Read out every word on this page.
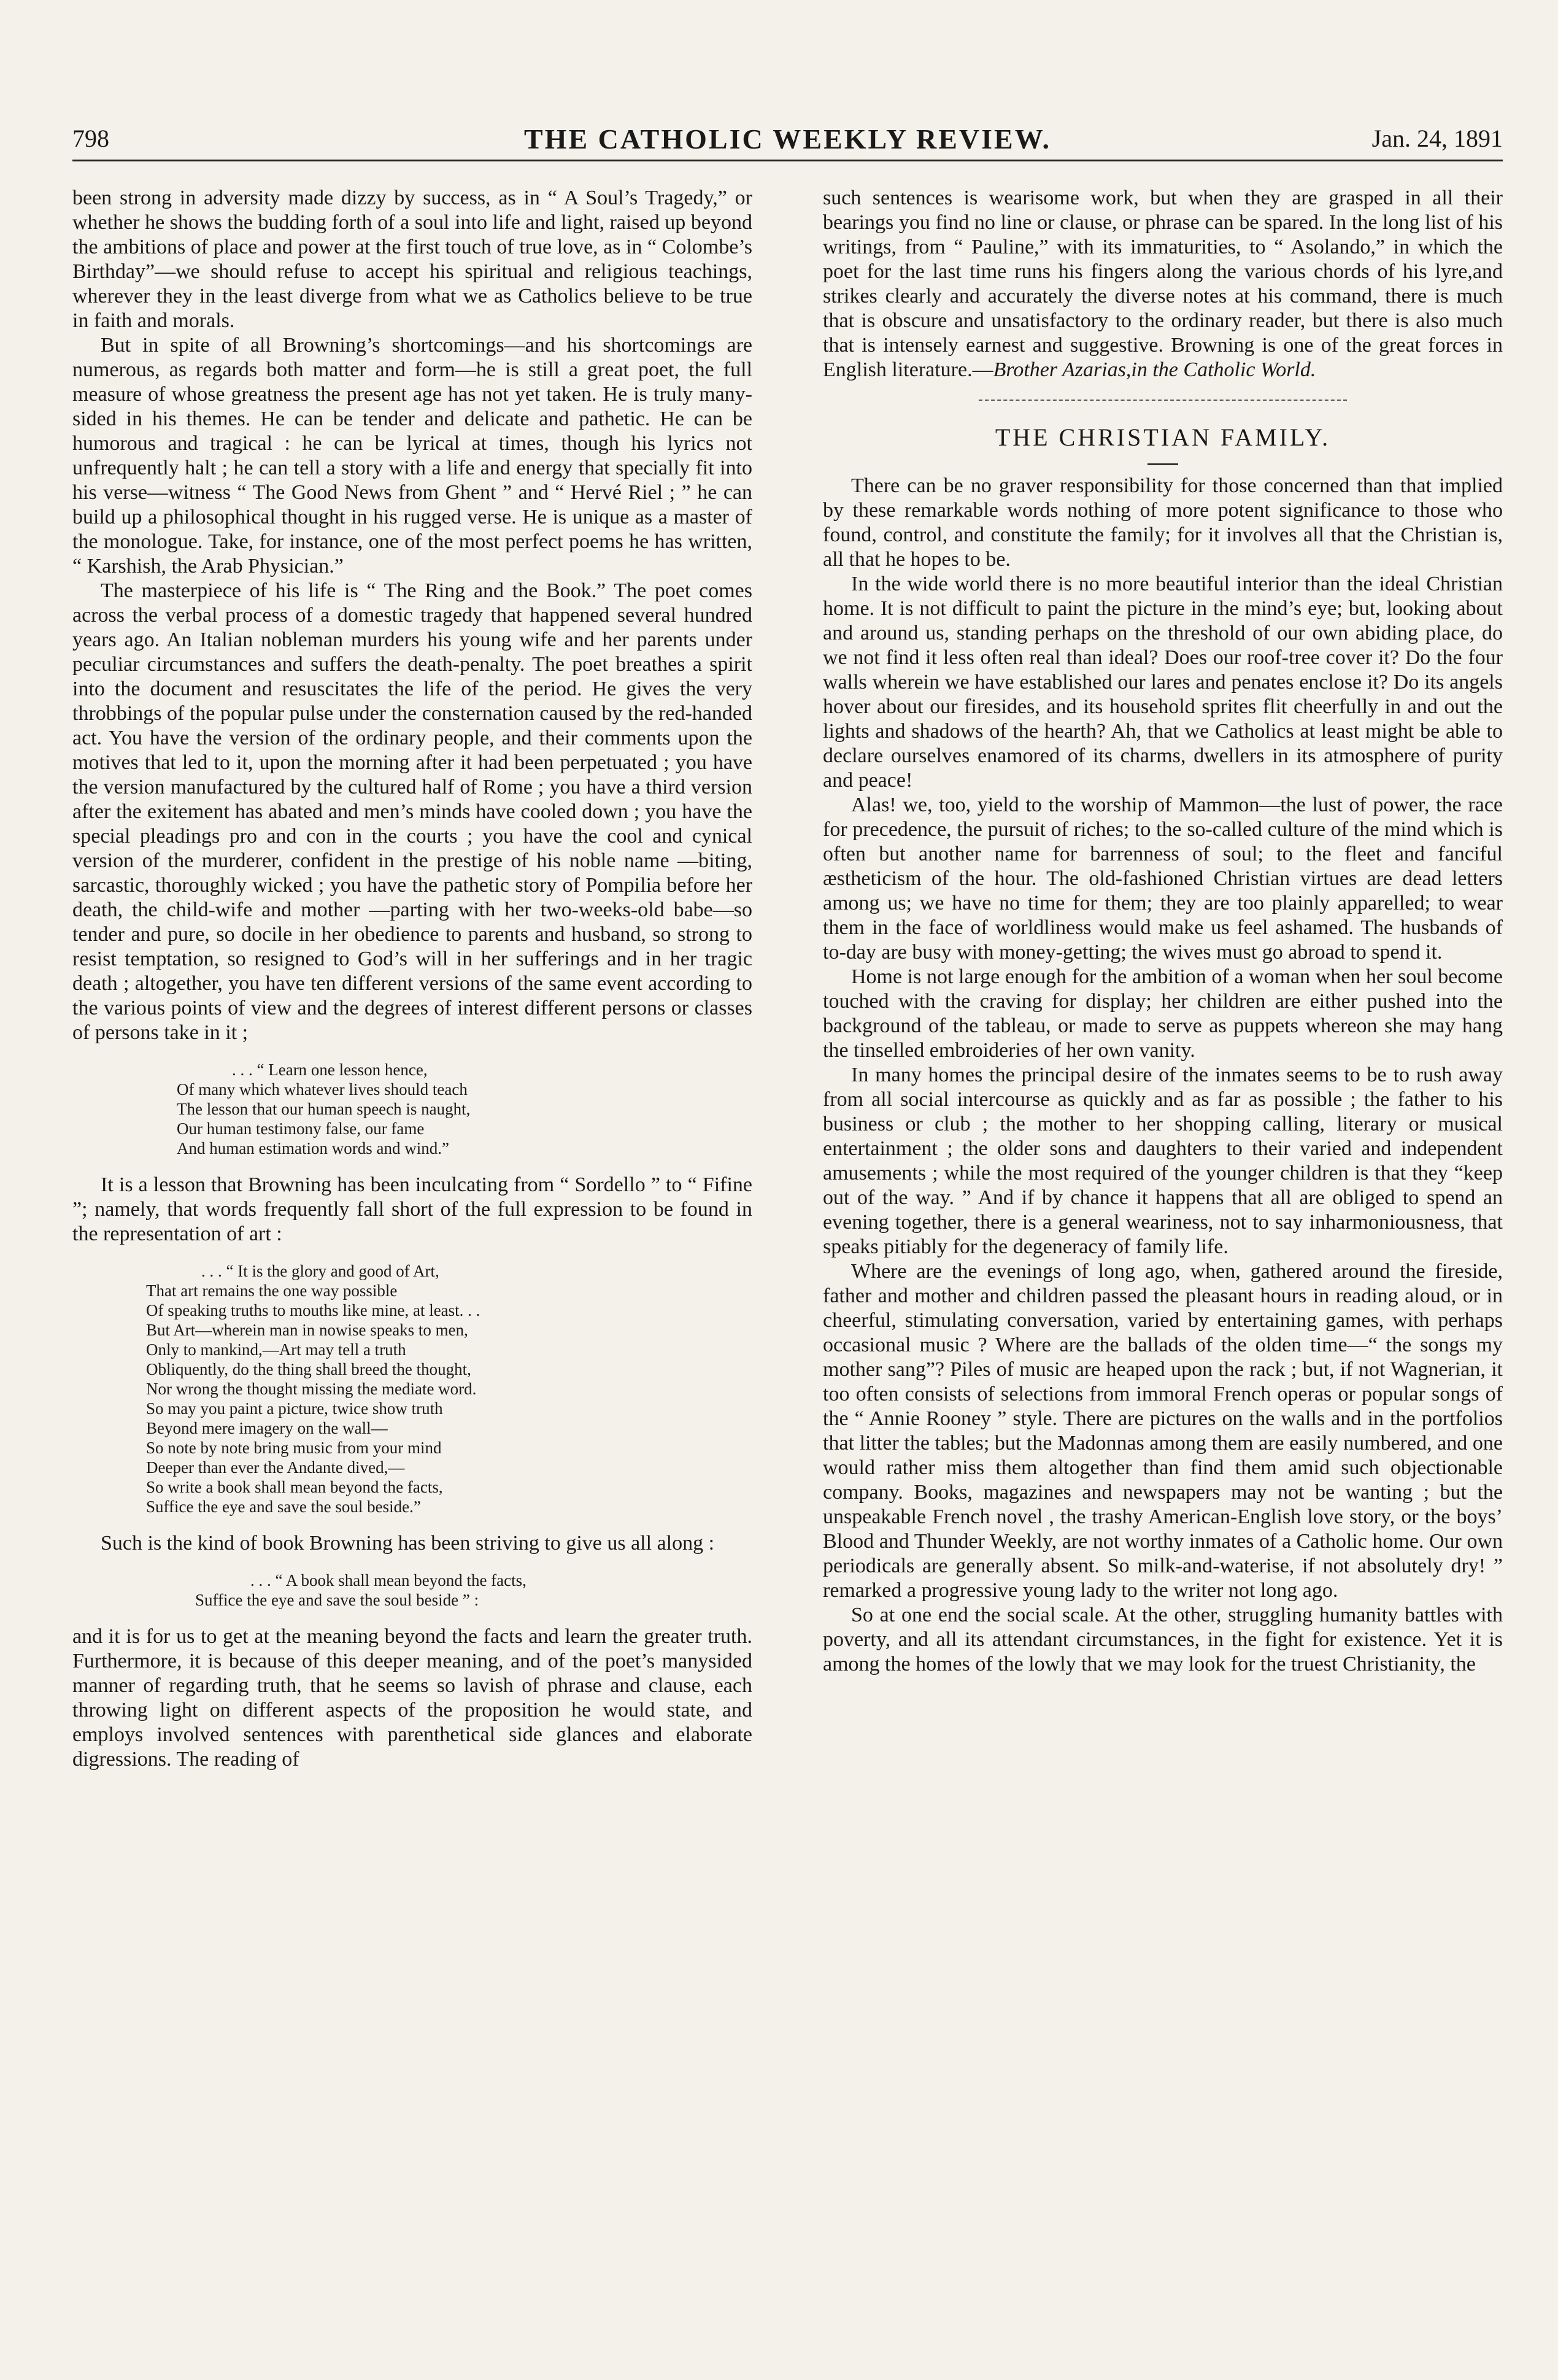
798	THE CATHOLIC WEEKLY REVIEW.	Jan. 24, 1891

been strong in adversity made dizzy by success, as in “ A Soul’s Tragedy,” or whether he shows the budding forth of a soul into life and light, raised up beyond the ambitions of place and power at the first touch of true love, as in “ Colombe’s Birthday”—we should refuse to accept his spiritual and religious teachings, wherever they in the least diverge from what we as Catholics believe to be true in faith and morals.

But in spite of all Browning’s shortcomings—and his shortcomings are numerous, as regards both matter and form—he is still a great poet, the full measure of whose greatness the present age has not yet taken. He is truly many-sided in his themes. He can be tender and delicate and pathetic. He can be humorous and tragical : he can be lyrical at times, though his lyrics not unfrequently halt ; he can tell a story with a life and energy that specially fit into his verse—witness “ The Good News from Ghent ” and “ Hervé Riel ; ” he can build up a philosophical thought in his rugged verse. He is unique as a master of the monologue. Take, for instance, one of the most perfect poems he has written, “ Karshish, the Arab Physician.”

The masterpiece of his life is “ The Ring and the Book.” The poet comes across the verbal process of a domestic tragedy that happened several hundred years ago. An Italian nobleman murders his young wife and her parents under peculiar circumstances and suffers the death-penalty. The poet breathes a spirit into the document and resuscitates the life of the period. He gives the very throbbings of the popular pulse under the consternation caused by the red-handed act. You have the version of the ordinary people, and their comments upon the motives that led to it, upon the morning after it had been perpetuated ; you have the version manufactured by the cultured half of Rome ; you have a third version after the exitement has abated and men’s minds have cooled down ; you have the special pleadings pro and con in the courts ; you have the cool and cynical version of the murderer, confident in the prestige of his noble name —biting, sarcastic, thoroughly wicked ; you have the pathetic story of Pompilia before her death, the child-wife and mother —parting with her two-weeks-old babe—so tender and pure, so docile in her obedience to parents and husband, so strong to resist temptation, so resigned to God’s will in her sufferings and in her tragic death ; altogether, you have ten different versions of the same event according to the various points of view and the degrees of interest different persons or classes of persons take in it ;

. . . “ Learn one lesson hence,
Of many which whatever lives should teach
The lesson that our human speech is naught,
Our human testimony false, our fame
And human estimation words and wind.”

It is a lesson that Browning has been inculcating from “ Sordello ” to “ Fifine ”; namely, that words frequently fall short of the full expression to be found in the representation of art :

. . . “ It is the glory and good of Art,
That art remains the one way possible
Of speaking truths to mouths like mine, at least. . .
But Art—wherein man in nowise speaks to men,
Only to mankind,—Art may tell a truth
Obliquently, do the thing shall breed the thought,
Nor wrong the thought missing the mediate word.
So may you paint a picture, twice show truth
Beyond mere imagery on the wall—
So note by note bring music from your mind
Deeper than ever the Andante dived,—
So write a book shall mean beyond the facts,
Suffice the eye and save the soul beside.”

Such is the kind of book Browning has been striving to give us all along :

. . . “ A book shall mean beyond the facts,
Suffice the eye and save the soul beside ” :

and it is for us to get at the meaning beyond the facts and learn the greater truth. Furthermore, it is because of this deeper meaning, and of the poet’s manysided manner of regarding truth, that he seems so lavish of phrase and clause, each throwing light on different aspects of the proposition he would state, and employs involved sentences with parenthetical side glances and elaborate digressions. The reading of

such sentences is wearisome work, but when they are grasped in all their bearings you find no line or clause, or phrase can be spared. In the long list of his writings, from “ Pauline,” with its immaturities, to “ Asolando,” in which the poet for the last time runs his fingers along the various chords of his lyre,and strikes clearly and accurately the diverse notes at his command, there is much that is obscure and unsatisfactory to the ordinary reader, but there is also much that is intensely earnest and suggestive. Browning is one of the great forces in English literature.—Brother Azarias,in the Catholic World.

THE CHRISTIAN FAMILY.

There can be no graver responsibility for those concerned than that implied by these remarkable words nothing of more potent significance to those who found, control, and constitute the family; for it involves all that the Christian is, all that he hopes to be.

In the wide world there is no more beautiful interior than the ideal Christian home. It is not difficult to paint the picture in the mind’s eye; but, looking about and around us, standing perhaps on the threshold of our own abiding place, do we not find it less often real than ideal? Does our roof-tree cover it? Do the four walls wherein we have established our lares and penates enclose it? Do its angels hover about our firesides, and its household sprites flit cheerfully in and out the lights and shadows of the hearth? Ah, that we Catholics at least might be able to declare ourselves enamored of its charms, dwellers in its atmosphere of purity and peace!

Alas! we, too, yield to the worship of Mammon—the lust of power, the race for precedence, the pursuit of riches; to the so-called culture of the mind which is often but another name for barrenness of soul; to the fleet and fanciful æstheticism of the hour. The old-fashioned Christian virtues are dead letters among us; we have no time for them; they are too plainly apparelled; to wear them in the face of worldliness would make us feel ashamed. The husbands of to-day are busy with money-getting; the wives must go abroad to spend it.

Home is not large enough for the ambition of a woman when her soul become touched with the craving for display; her children are either pushed into the background of the tableau, or made to serve as puppets whereon she may hang the tinselled embroideries of her own vanity.

In many homes the principal desire of the inmates seems to be to rush away from all social intercourse as quickly and as far as possible ; the father to his business or club ; the mother to her shopping calling, literary or musical entertainment ; the older sons and daughters to their varied and independent amusements ; while the most required of the younger children is that they “keep out of the way. ” And if by chance it happens that all are obliged to spend an evening together, there is a general weariness, not to say inharmoniousness, that speaks pitiably for the degeneracy of family life.

Where are the evenings of long ago, when, gathered around the fireside, father and mother and children passed the pleasant hours in reading aloud, or in cheerful, stimulating conversation, varied by entertaining games, with perhaps occasional music ? Where are the ballads of the olden time—“ the songs my mother sang”? Piles of music are heaped upon the rack ; but, if not Wagnerian, it too often consists of selections from immoral French operas or popular songs of the “ Annie Rooney ” style. There are pictures on the walls and in the portfolios that litter the tables; but the Madonnas among them are easily numbered, and one would rather miss them altogether than find them amid such objectionable company. Books, magazines and newspapers may not be wanting ; but the unspeakable French novel , the trashy American-English love story, or the boys’ Blood and Thunder Weekly, are not worthy inmates of a Catholic home. Our own periodicals are generally absent. So milk-and-waterise, if not absolutely dry! ” remarked a progressive young lady to the writer not long ago.

So at one end the social scale. At the other, struggling humanity battles with poverty, and all its attendant circumstances, in the fight for existence. Yet it is among the homes of the lowly that we may look for the truest Christianity, the
